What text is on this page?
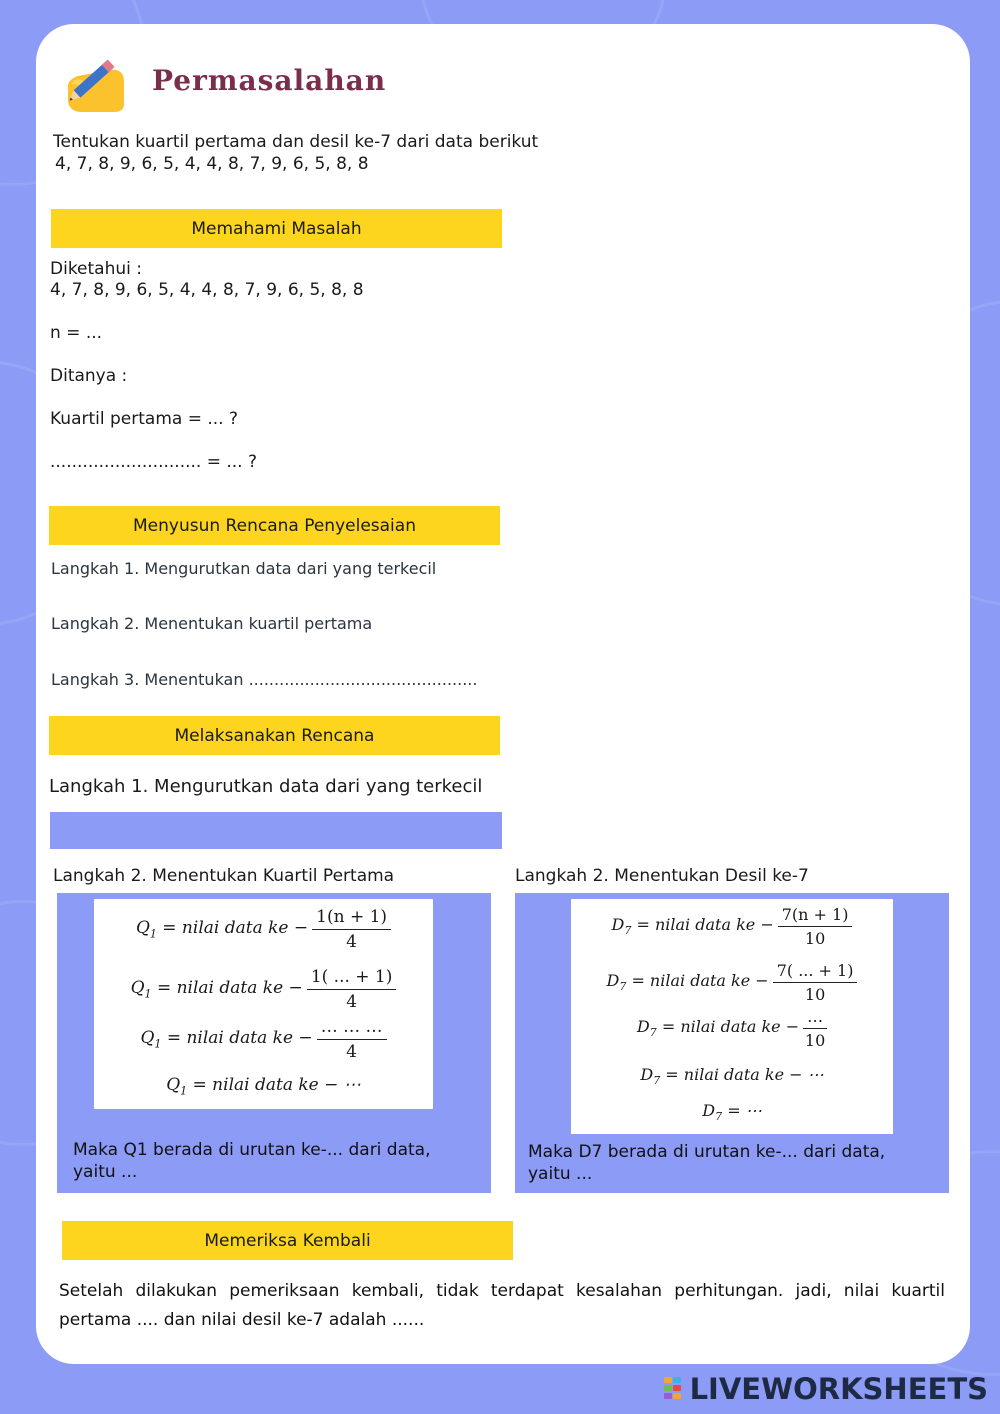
Permasalahan
Tentukan kuartil pertama dan desil ke-7 dari data berikut
4, 7, 8, 9, 6, 5, 4, 4, 8, 7, 9, 6, 5, 8, 8
Memahami Masalah
Diketahui :
4, 7, 8, 9, 6, 5, 4, 4, 8, 7, 9, 6, 5, 8, 8
n = ...
Ditanya :
Kuartil pertama = ... ?
............................ = ... ?
Menyusun Rencana Penyelesaian
Langkah 1. Mengurutkan data dari yang terkecil
Langkah 2. Menentukan kuartil pertama
Langkah 3. Menentukan .............................................
Melaksanakan Rencana
Langkah 1. Mengurutkan data dari yang terkecil
Langkah 2. Menentukan Kuartil Pertama	Langkah 2. Menentukan Desil ke-7
$Q_1$ = nilai data ke − $\frac{1(n + 1)}{4}$
$Q_1$ = nilai data ke − $\frac{1( ... + 1)}{4}$
$Q_1$ = nilai data ke − $\frac{\dots \dots \dots}{4}$
$Q_1$ = nilai data ke − ⋯
Maka Q1 berada di urutan ke-... dari data, yaitu ...
$D_7$ = nilai data ke − $\frac{7(n + 1)}{10}$
$D_7$ = nilai data ke − $\frac{7( ... + 1)}{10}$
$D_7$ = nilai data ke − $\frac{\dots}{10}$
$D_7$ = nilai data ke − ⋯
$D_7$ = ⋯
Maka D7 berada di urutan ke-... dari data, yaitu ...
Memeriksa Kembali
Setelah dilakukan pemeriksaan kembali, tidak terdapat kesalahan perhitungan. jadi, nilai kuartil pertama .... dan nilai desil ke-7 adalah ......
LIVEWORKSHEETS
